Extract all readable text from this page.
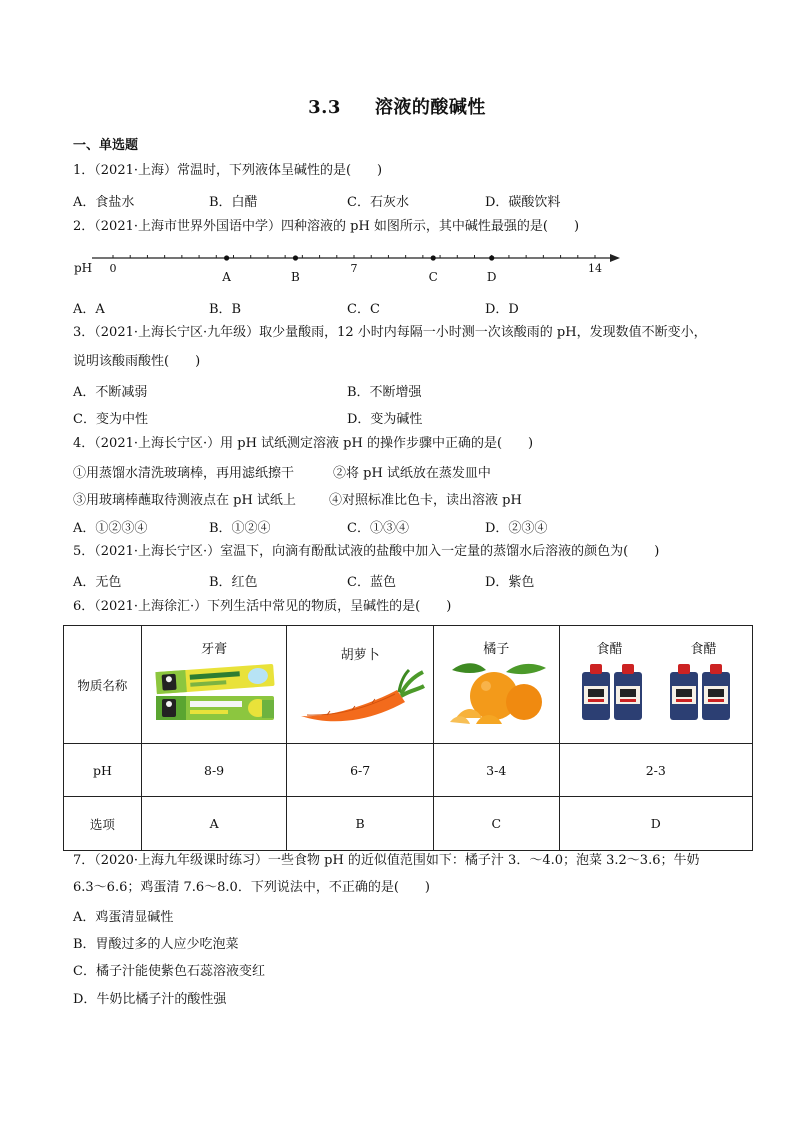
3.3 溶液的酸碱性
一、单选题
1．（2021·上海）常温时，下列液体呈碱性的是(　　)
A．食盐水	B．白醋	C．石灰水	D．碳酸饮料
2．（2021·上海市世界外国语中学）四种溶液的 pH 如图所示，其中碱性最强的是(　　)
pH 0	7	14
A	B	C	D
A．A	B．B	C．C	D．D
3．（2021·上海长宁区·九年级）取少量酸雨，12 小时内每隔一小时测一次该酸雨的 pH，发现数值不断变小，
说明该酸雨酸性(　　)
A．不断减弱	B．不断增强
C．变为中性	D．变为碱性
4．（2021·上海长宁区·）用 pH 试纸测定溶液 pH 的操作步骤中正确的是(　　)
①用蒸馏水清洗玻璃棒，再用滤纸擦干	②将 pH 试纸放在蒸发皿中
③用玻璃棒蘸取待测液点在 pH 试纸上	④对照标准比色卡，读出溶液 pH
A．①②③④	B．①②④	C．①③④	D．②③④
5．（2021·上海长宁区·）室温下，向滴有酚酞试液的盐酸中加入一定量的蒸馏水后溶液的颜色为(　　)
A．无色	B．红色	C．蓝色	D．紫色
6．（2021·上海徐汇·）下列生活中常见的物质，呈碱性的是(　　)
物质名称	牙膏	胡萝卜	橘子	食醋 食醋

pH	8-9	6-7	3-4	2-3
选项	A	B	C	D
7．（2020·上海九年级课时练习）一些食物 pH 的近似值范围如下：橘子汁 3．～4.0；泡菜 3.2～3.6；牛奶
6.3～6.6；鸡蛋清 7.6～8.0．下列说法中，不正确的是(　　)
A．鸡蛋清显碱性
B．胃酸过多的人应少吃泡菜
C．橘子汁能使紫色石蕊溶液变红
D．牛奶比橘子汁的酸性强
